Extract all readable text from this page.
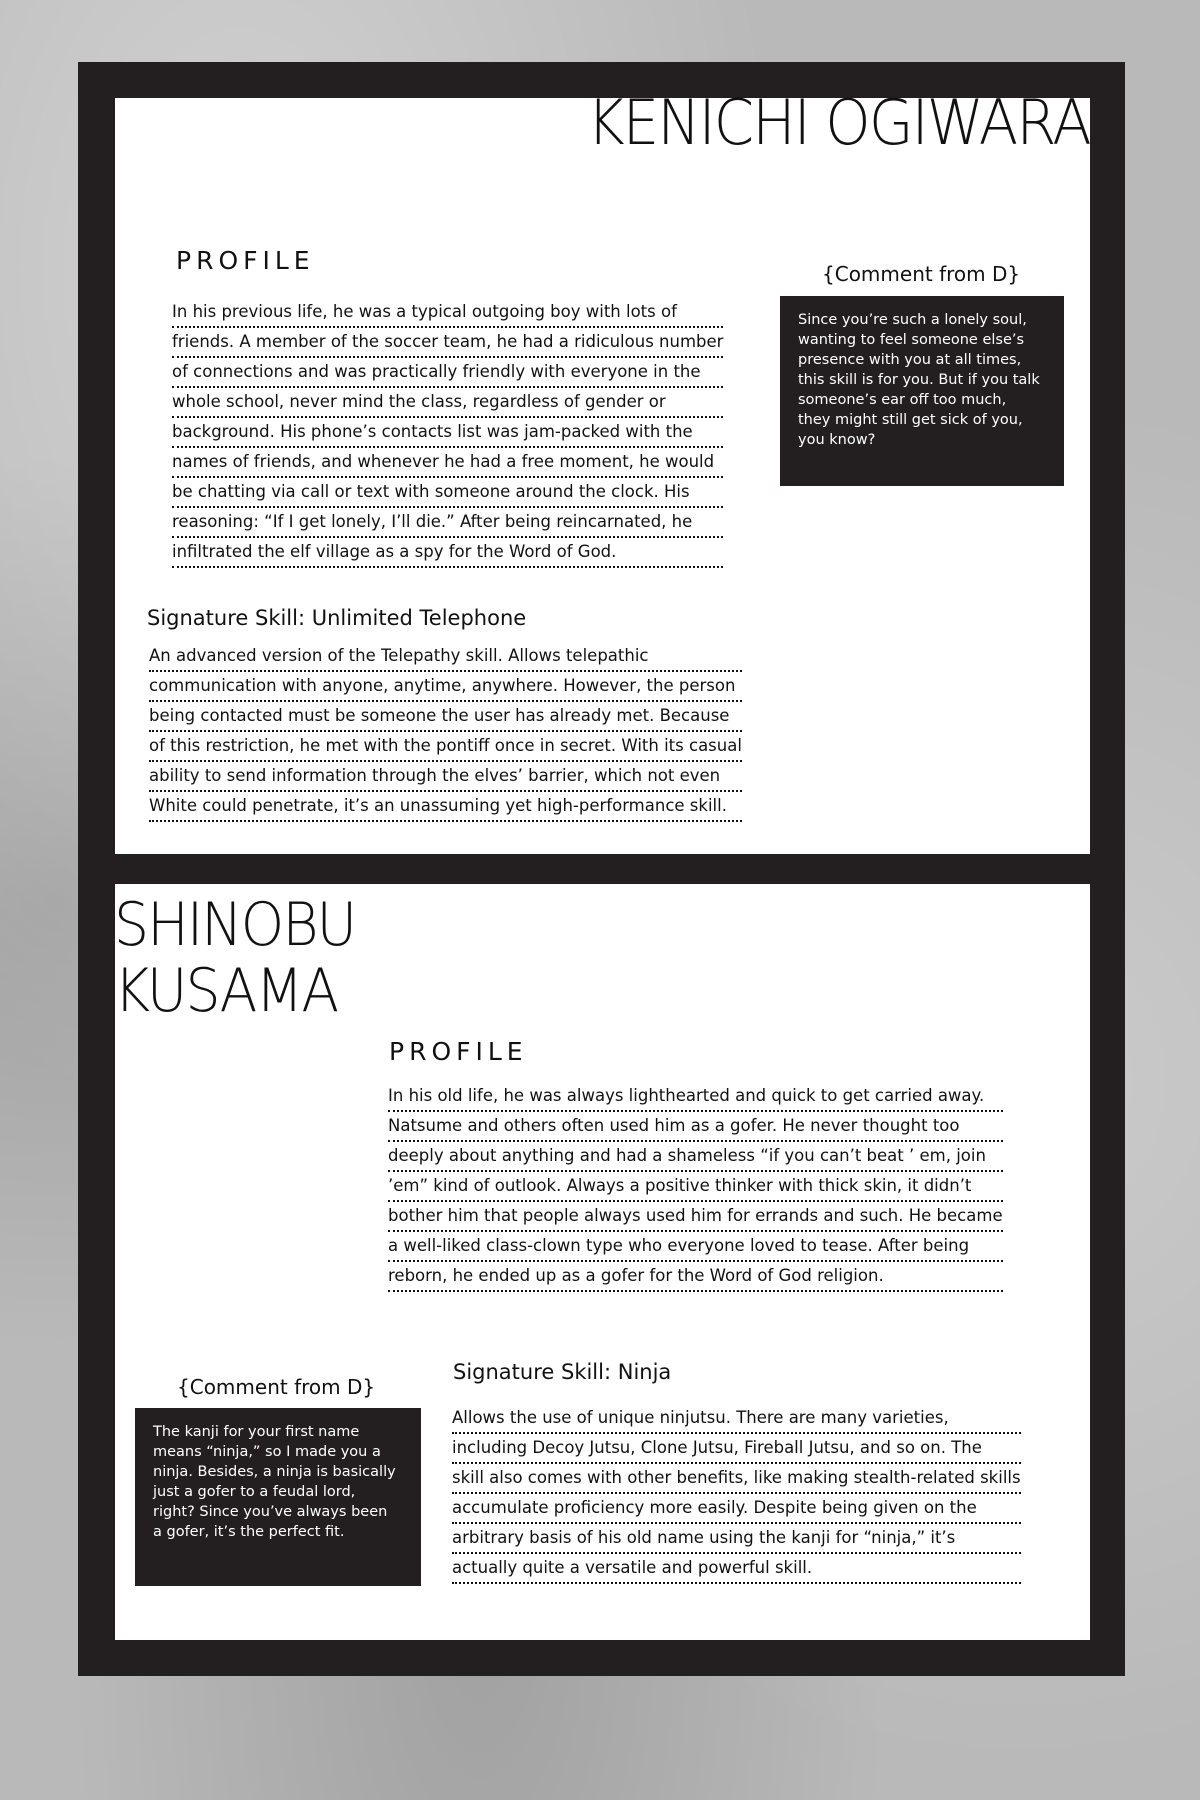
KENICHI OGIWARA
PROFILE
In his previous life, he was a typical outgoing boy with lots of
friends. A member of the soccer team, he had a ridiculous number
of connections and was practically friendly with everyone in the
whole school, never mind the class, regardless of gender or
background. His phone’s contacts list was jam-packed with the
names of friends, and whenever he had a free moment, he would
be chatting via call or text with someone around the clock. His
reasoning: “If I get lonely, I’ll die.” After being reincarnated, he
infiltrated the elf village as a spy for the Word of God.
Signature Skill: Unlimited Telephone
An advanced version of the Telepathy skill. Allows telepathic
communication with anyone, anytime, anywhere. However, the person
being contacted must be someone the user has already met. Because
of this restriction, he met with the pontiff once in secret. With its casual
ability to send information through the elves’ barrier, which not even
White could penetrate, it’s an unassuming yet high-performance skill.
{Comment from D}
Since you’re such a lonely soul,
wanting to feel someone else’s
presence with you at all times,
this skill is for you. But if you talk
someone’s ear off too much,
they might still get sick of you,
you know?
SHINOBU
KUSAMA
PROFILE
In his old life, he was always lighthearted and quick to get carried away.
Natsume and others often used him as a gofer. He never thought too
deeply about anything and had a shameless “if you can’t beat ’ em, join
’em” kind of outlook. Always a positive thinker with thick skin, it didn’t
bother him that people always used him for errands and such. He became
a well-liked class-clown type who everyone loved to tease. After being
reborn, he ended up as a gofer for the Word of God religion.
Signature Skill: Ninja
Allows the use of unique ninjutsu. There are many varieties,
including Decoy Jutsu, Clone Jutsu, Fireball Jutsu, and so on. The
skill also comes with other benefits, like making stealth-related skills
accumulate proficiency more easily. Despite being given on the
arbitrary basis of his old name using the kanji for “ninja,” it’s
actually quite a versatile and powerful skill.
{Comment from D}
The kanji for your first name
means “ninja,” so I made you a
ninja. Besides, a ninja is basically
just a gofer to a feudal lord,
right? Since you’ve always been
a gofer, it’s the perfect fit.
